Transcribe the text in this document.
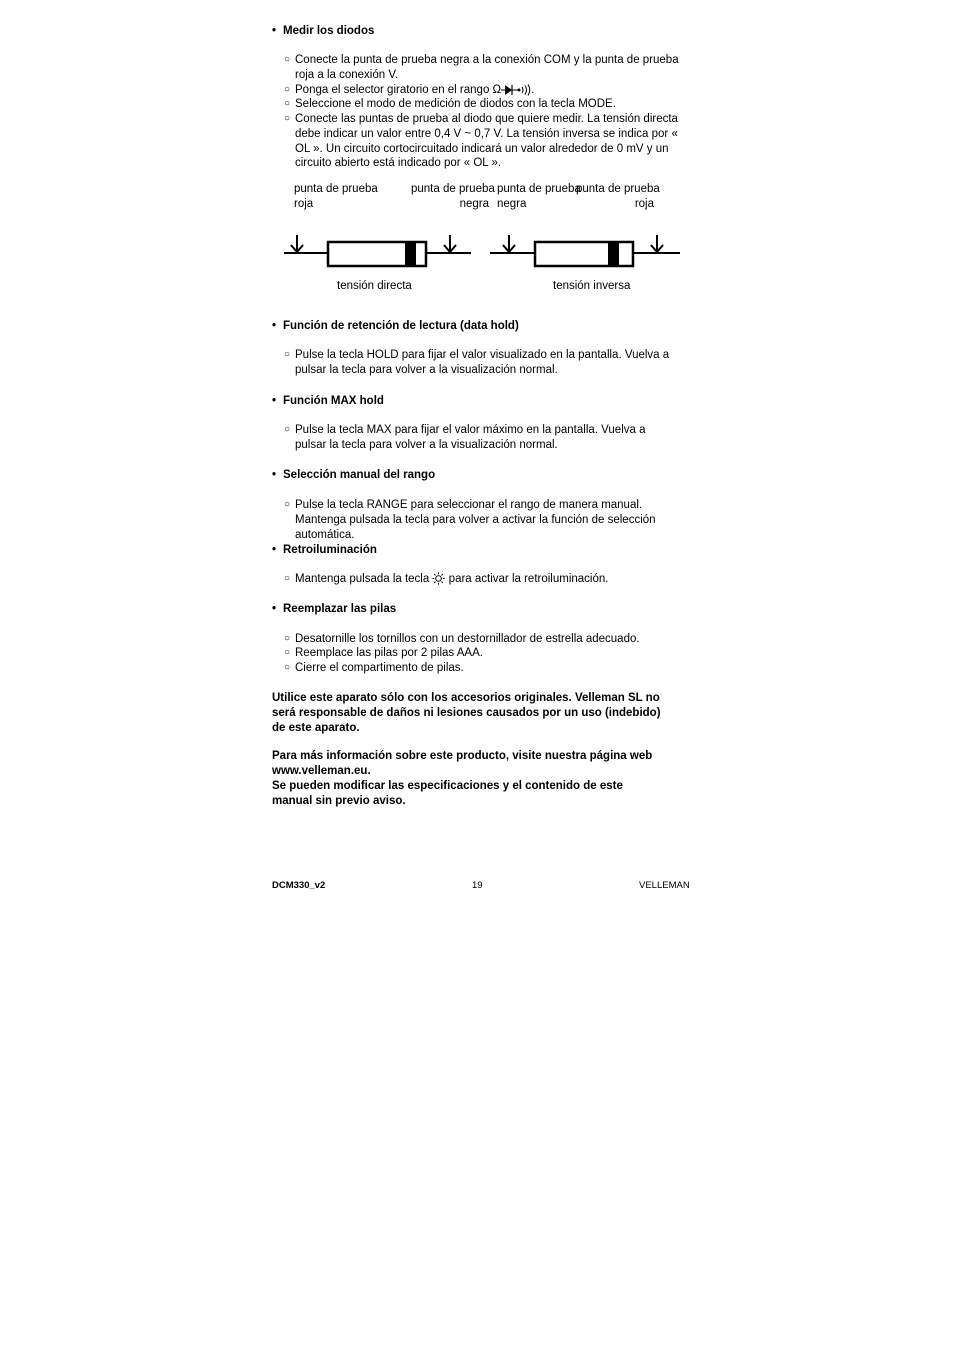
• Medir los diodos
○ Conecte la punta de prueba negra a la conexión COM y la punta de prueba roja a la conexión V.
○ Ponga el selector giratorio en el rango Ω	.
○ Seleccione el modo de medición de diodos con la tecla MODE.
○ Conecte las puntas de prueba al diodo que quiere medir. La tensión directa debe indicar un valor entre 0,4 V ~ 0,7 V. La tensión inversa se indica por « OL ». Un circuito cortocircuitado indicará un valor alrededor de 0 mV y un circuito abierto está indicado por « OL ».
punta de prueba
roja
punta de prueba
negra
punta de prueba
negra
punta de prueba
roja
tensión directa	tensión inversa
• Función de retención de lectura (data hold)
○ Pulse la tecla HOLD para fijar el valor visualizado en la pantalla. Vuelva a pulsar la tecla para volver a la visualización normal.
• Función MAX hold
○ Pulse la tecla MAX para fijar el valor máximo en la pantalla. Vuelva a pulsar la tecla para volver a la visualización normal.
• Selección manual del rango
○ Pulse la tecla RANGE para seleccionar el rango de manera manual. Mantenga pulsada la tecla para volver a activar la función de selección automática.
• Retroiluminación
○ Mantenga pulsada la tecla para activar la retroiluminación.
• Reemplazar las pilas
○ Desatornille los tornillos con un destornillador de estrella adecuado.
○ Reemplace las pilas por 2 pilas AAA.
○ Cierre el compartimento de pilas.
Utilice este aparato sólo con los accesorios originales. Velleman SL no será responsable de daños ni lesiones causados por un uso (indebido) de este aparato.
Para más información sobre este producto, visite nuestra página web www.velleman.eu.
Se pueden modificar las especificaciones y el contenido de este manual sin previo aviso.
DCM330_v2	19	VELLEMAN
